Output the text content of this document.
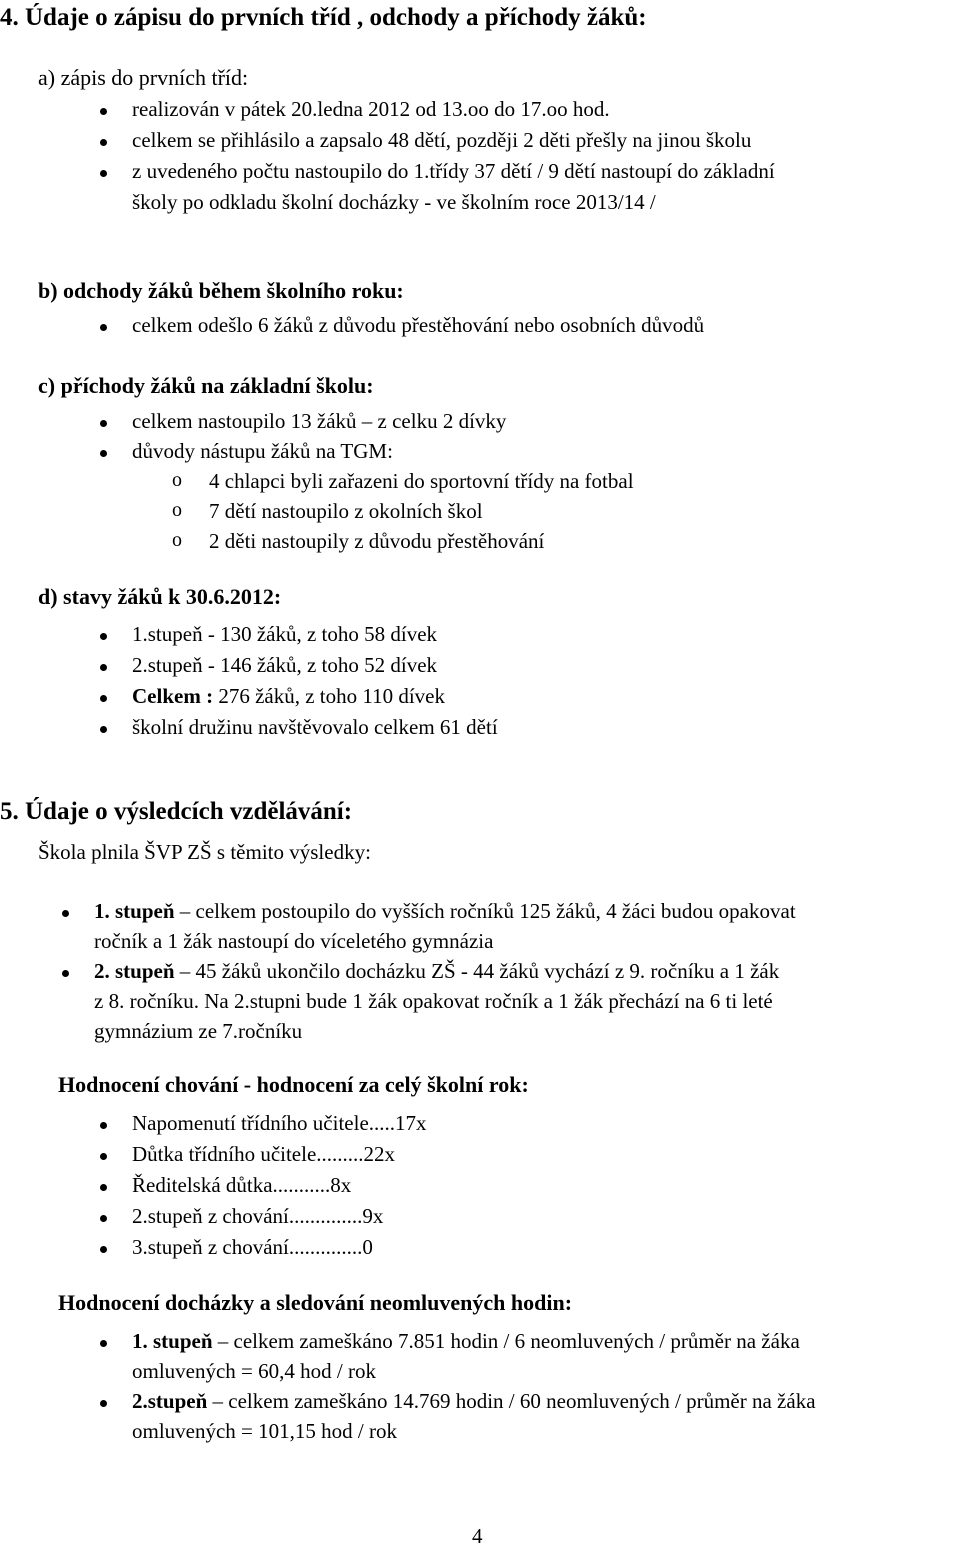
4. Údaje o zápisu do prvních tříd , odchody a příchody žáků:
a) zápis do prvních tříd:
realizován v pátek 20.ledna 2012 od 13.oo do 17.oo hod.
celkem se přihlásilo a zapsalo 48 dětí, později 2 děti přešly na jinou školu
z uvedeného počtu nastoupilo do 1.třídy 37 dětí / 9 dětí nastoupí do základní
školy po odkladu školní docházky - ve školním roce 2013/14 /
b) odchody žáků během školního roku:
celkem odešlo 6 žáků z důvodu přestěhování nebo osobních důvodů
c) příchody žáků na základní školu:
celkem nastoupilo 13 žáků – z celku 2 dívky
důvody nástupu žáků na TGM:
o 4 chlapci byli zařazeni do sportovní třídy na fotbal
o 7 dětí nastoupilo z okolních škol
o 2 děti nastoupily z důvodu přestěhování
d) stavy žáků k 30.6.2012:
1.stupeň - 130 žáků, z toho 58 dívek
2.stupeň - 146 žáků, z toho 52 dívek
Celkem : 276 žáků, z toho 110 dívek
školní družinu navštěvovalo celkem 61 dětí
5. Údaje o výsledcích vzdělávání:
Škola plnila ŠVP ZŠ s těmito výsledky:
1. stupeň – celkem postoupilo do vyšších ročníků 125 žáků, 4 žáci budou opakovat
ročník a 1 žák nastoupí do víceletého gymnázia
2. stupeň – 45 žáků ukončilo docházku ZŠ - 44 žáků vychází z 9. ročníku a 1 žák
z 8. ročníku. Na 2.stupni bude 1 žák opakovat ročník a 1 žák přechází na 6 ti leté
gymnázium ze 7.ročníku
Hodnocení chování - hodnocení za celý školní rok:
Napomenutí třídního učitele.....17x
Důtka třídního učitele.........22x
Ředitelská důtka...........8x
2.stupeň z chování..............9x
3.stupeň z chování..............0
Hodnocení docházky a sledování neomluvených hodin:
1. stupeň – celkem zameškáno 7.851 hodin / 6 neomluvených / průměr na žáka
omluvených = 60,4 hod / rok
2.stupeň – celkem zameškáno 14.769 hodin / 60 neomluvených / průměr na žáka
omluvených = 101,15 hod / rok
4
